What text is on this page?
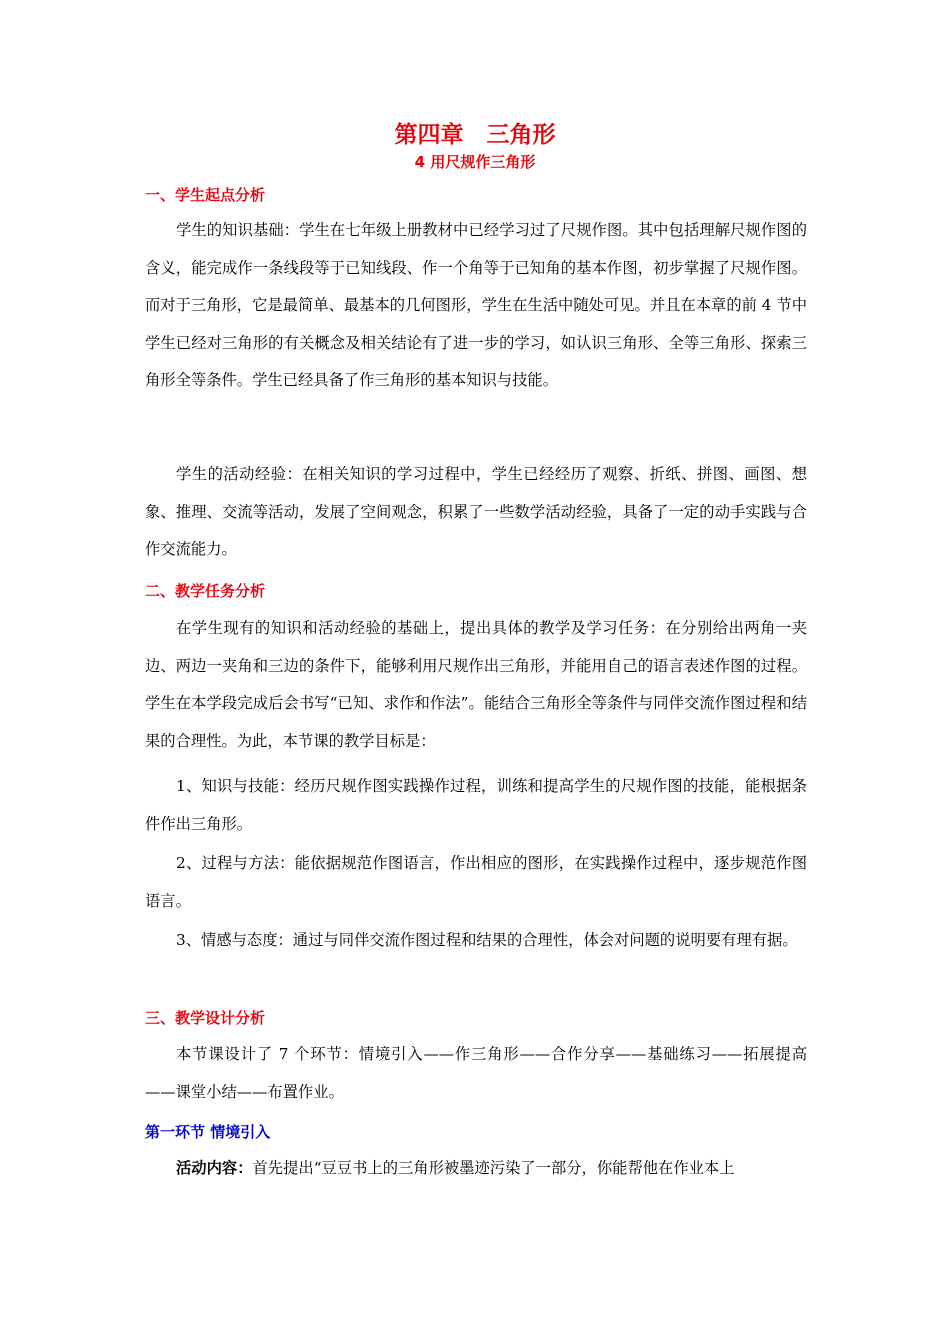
第四章　三角形
4 用尺规作三角形
一、学生起点分析

学生的知识基础：学生在七年级上册教材中已经学习过了尺规作图。其中包括理解尺规作图的含义，能完成作一条线段等于已知线段、作一个角等于已知角的基本作图，初步掌握了尺规作图。而对于三角形，它是最简单、最基本的几何图形，学生在生活中随处可见。并且在本章的前 4 节中学生已经对三角形的有关概念及相关结论有了进一步的学习，如认识三角形、全等三角形、探索三角形全等条件。学生已经具备了作三角形的基本知识与技能。

学生的活动经验：在相关知识的学习过程中，学生已经经历了观察、折纸、拼图、画图、想象、推理、交流等活动，发展了空间观念，积累了一些数学活动经验，具备了一定的动手实践与合作交流能力。

二、教学任务分析

在学生现有的知识和活动经验的基础上，提出具体的教学及学习任务：在分别给出两角一夹边、两边一夹角和三边的条件下，能够利用尺规作出三角形，并能用自己的语言表述作图的过程。学生在本学段完成后会书写“已知、求作和作法”。能结合三角形全等条件与同伴交流作图过程和结果的合理性。为此，本节课的教学目标是：

1、知识与技能：经历尺规作图实践操作过程，训练和提高学生的尺规作图的技能，能根据条件作出三角形。

2、过程与方法：能依据规范作图语言，作出相应的图形，在实践操作过程中，逐步规范作图语言。

3、情感与态度：通过与同伴交流作图过程和结果的合理性，体会对问题的说明要有理有据。

三、教学设计分析

本节课设计了 7 个环节：情境引入——作三角形——合作分享——基础练习——拓展提高——课堂小结——布置作业。

第一环节 情境引入

活动内容：首先提出“豆豆书上的三角形被墨迹污染了一部分，你能帮他在作业本上
